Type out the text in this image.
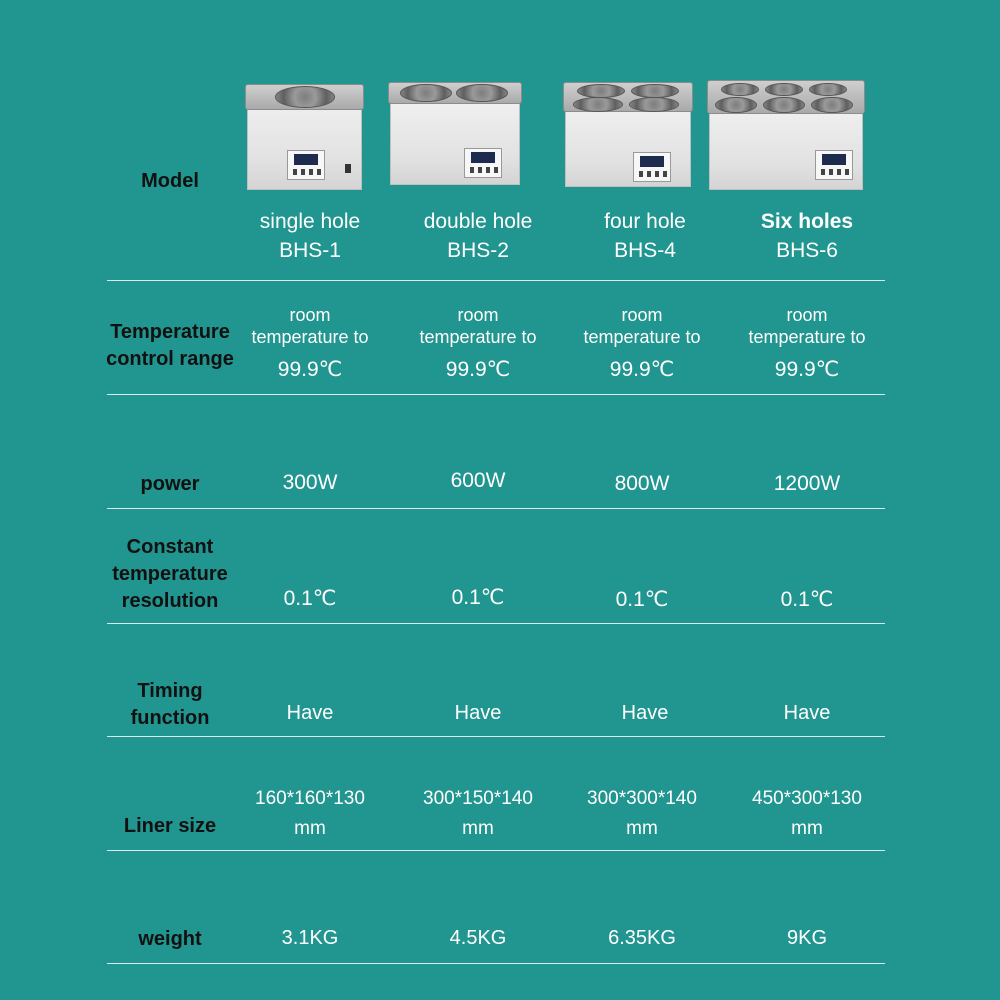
Model
Temperature
control range
power
Constant
temperature
resolution
Timing
function
Liner size
weight
single hole
BHS-1
room
temperature to
99.9℃
300W
0.1℃
Have
160*160*130
mm
3.1KG
double hole
BHS-2
room
temperature to
99.9℃
600W
0.1℃
Have
300*150*140
mm
4.5KG
four hole
BHS-4
room
temperature to
99.9℃
800W
0.1℃
Have
300*300*140
mm
6.35KG
Six holes
BHS-6
room
temperature to
99.9℃
1200W
0.1℃
Have
450*300*130
mm
9KG
